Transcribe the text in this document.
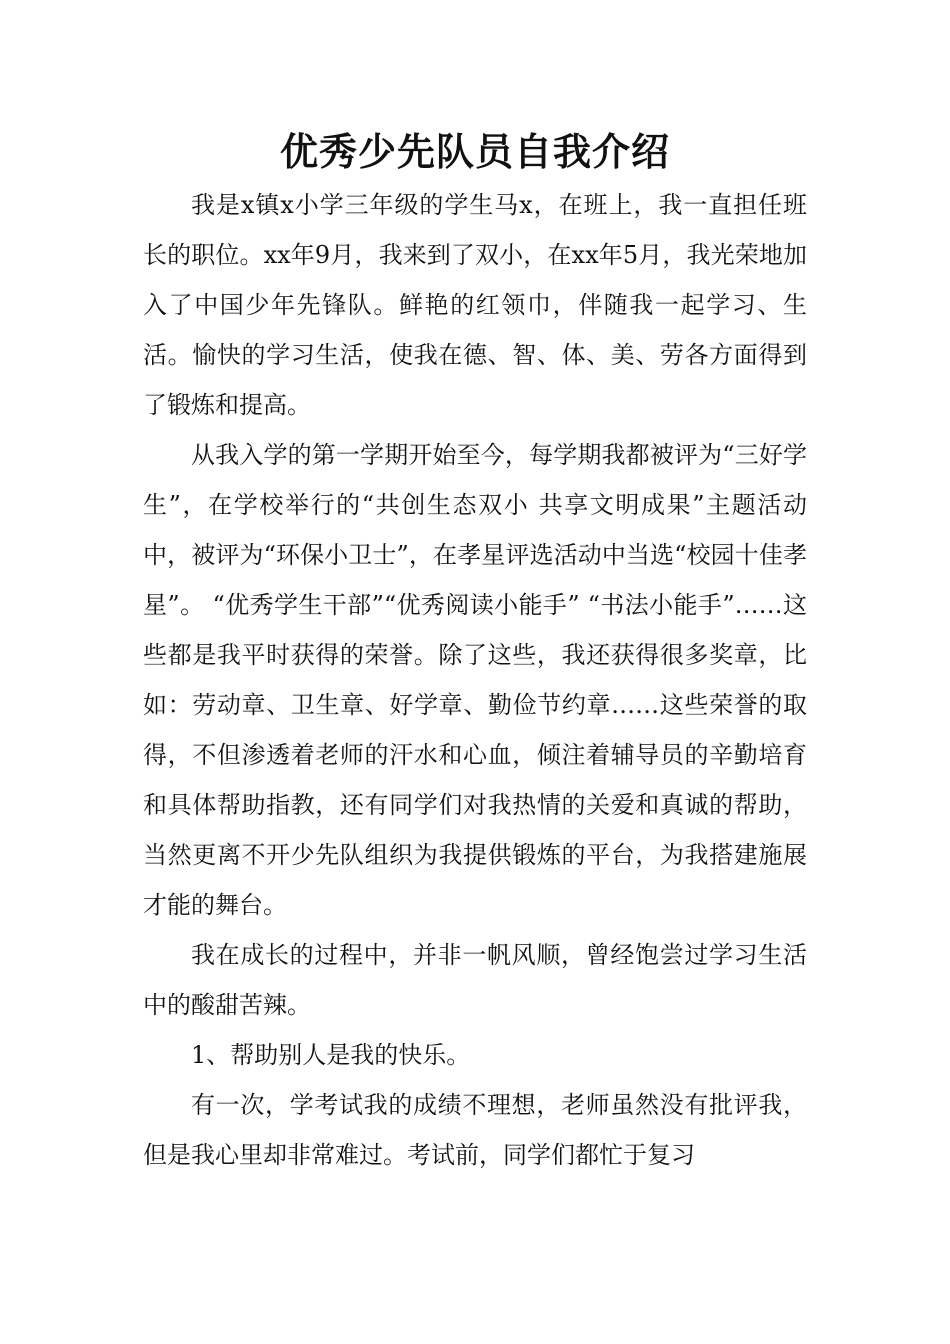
优秀少先队员自我介绍

我是x镇x小学三年级的学生马x，在班上，我一直担任班长的职位。xx年9月，我来到了双小，在xx年5月，我光荣地加入了中国少年先锋队。鲜艳的红领巾，伴随我一起学习、生活。愉快的学习生活，使我在德、智、体、美、劳各方面得到了锻炼和提高。

从我入学的第一学期开始至今，每学期我都被评为“三好学生”，在学校举行的“共创生态双小 共享文明成果”主题活动中，被评为“环保小卫士”，在孝星评选活动中当选“校园十佳孝星”。 “优秀学生干部”“优秀阅读小能手” “书法小能手”……这些都是我平时获得的荣誉。除了这些，我还获得很多奖章，比如：劳动章、卫生章、好学章、勤俭节约章……这些荣誉的取得，不但渗透着老师的汗水和心血，倾注着辅导员的辛勤培育和具体帮助指教，还有同学们对我热情的关爱和真诚的帮助，当然更离不开少先队组织为我提供锻炼的平台，为我搭建施展才能的舞台。

我在成长的过程中，并非一帆风顺，曾经饱尝过学习生活中的酸甜苦辣。

1、帮助别人是我的快乐。

有一次，学考试我的成绩不理想，老师虽然没有批评我，但是我心里却非常难过。考试前，同学们都忙于复习
